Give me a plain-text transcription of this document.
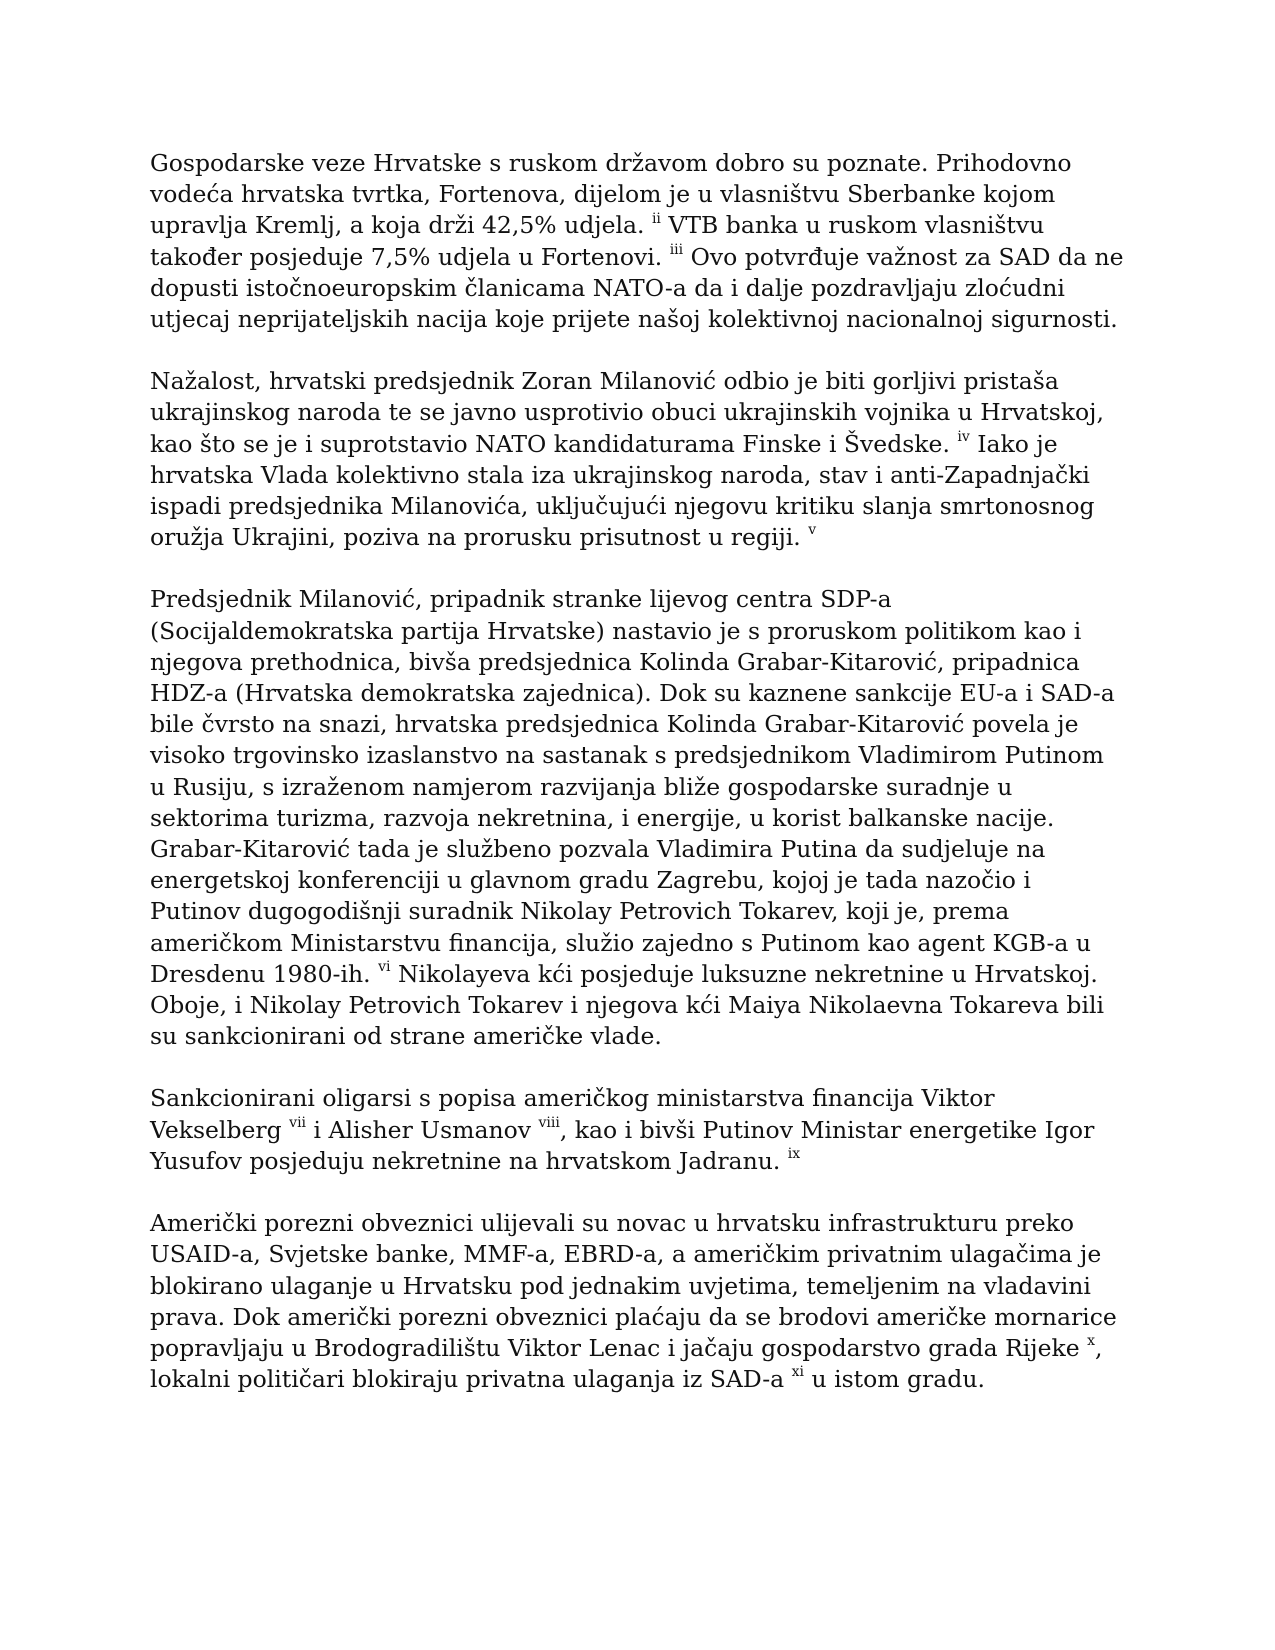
Gospodarske veze Hrvatske s ruskom državom dobro su poznate. Prihodovno vodeća hrvatska tvrtka, Fortenova, dijelom je u vlasništvu Sberbanke kojom upravlja Kremlj, a koja drži 42,5% udjela. $^{ii}$ VTB banka u ruskom vlasništvu također posjeduje 7,5% udjela u Fortenovi. $^{iii}$ Ovo potvrđuje važnost za SAD da ne dopusti istočnoeuropskim članicama NATO-a da i dalje pozdravljaju zloćudni utjecaj neprijateljskih nacija koje prijete našoj kolektivnoj nacionalnoj sigurnosti.

Nažalost, hrvatski predsjednik Zoran Milanović odbio je biti gorljivi pristaša ukrajinskog naroda te se javno usprotivio obuci ukrajinskih vojnika u Hrvatskoj, kao što se je i suprotstavio NATO kandidaturama Finske i Švedske. $^{iv}$ Iako je hrvatska Vlada kolektivno stala iza ukrajinskog naroda, stav i anti-Zapadnjački ispadi predsjednika Milanovića, uključujući njegovu kritiku slanja smrtonosnog oružja Ukrajini, poziva na prorusku prisutnost u regiji. $^v$

Predsjednik Milanović, pripadnik stranke lijevog centra SDP-a (Socijaldemokratska partija Hrvatske) nastavio je s proruskom politikom kao i njegova prethodnica, bivša predsjednica Kolinda Grabar-Kitarović, pripadnica HDZ-a (Hrvatska demokratska zajednica). Dok su kaznene sankcije EU-a i SAD-a bile čvrsto na snazi, hrvatska predsjednica Kolinda Grabar-Kitarović povela je visoko trgovinsko izaslanstvo na sastanak s predsjednikom Vladimirom Putinom u Rusiju, s izraženom namjerom razvijanja bliže gospodarske suradnje u sektorima turizma, razvoja nekretnina, i energije, u korist balkanske nacije. Grabar-Kitarović tada je službeno pozvala Vladimira Putina da sudjeluje na energetskoj konferenciji u glavnom gradu Zagrebu, kojoj je tada nazočio i Putinov dugogodišnji suradnik Nikolay Petrovich Tokarev, koji je, prema američkom Ministarstvu financija, služio zajedno s Putinom kao agent KGB-a u Dresdenu 1980-ih. $^{vi}$ Nikolayeva kći posjeduje luksuzne nekretnine u Hrvatskoj. Oboje, i Nikolay Petrovich Tokarev i njegova kći Maiya Nikolaevna Tokareva bili su sankcionirani od strane američke vlade.

Sankcionirani oligarsi s popisa američkog ministarstva financija Viktor Vekselberg $^{vii}$ i Alisher Usmanov $^{viii}$, kao i bivši Putinov Ministar energetike Igor Yusufov posjeduju nekretnine na hrvatskom Jadranu. $^{ix}$

Američki porezni obveznici ulijevali su novac u hrvatsku infrastrukturu preko USAID-a, Svjetske banke, MMF-a, EBRD-a, a američkim privatnim ulagačima je blokirano ulaganje u Hrvatsku pod jednakim uvjetima, temeljenim na vladavini prava. Dok američki porezni obveznici plaćaju da se brodovi američke mornarice popravljaju u Brodogradilištu Viktor Lenac i jačaju gospodarstvo grada Rijeke $^x$, lokalni političari blokiraju privatna ulaganja iz SAD-a $^{xi}$ u istom gradu.
